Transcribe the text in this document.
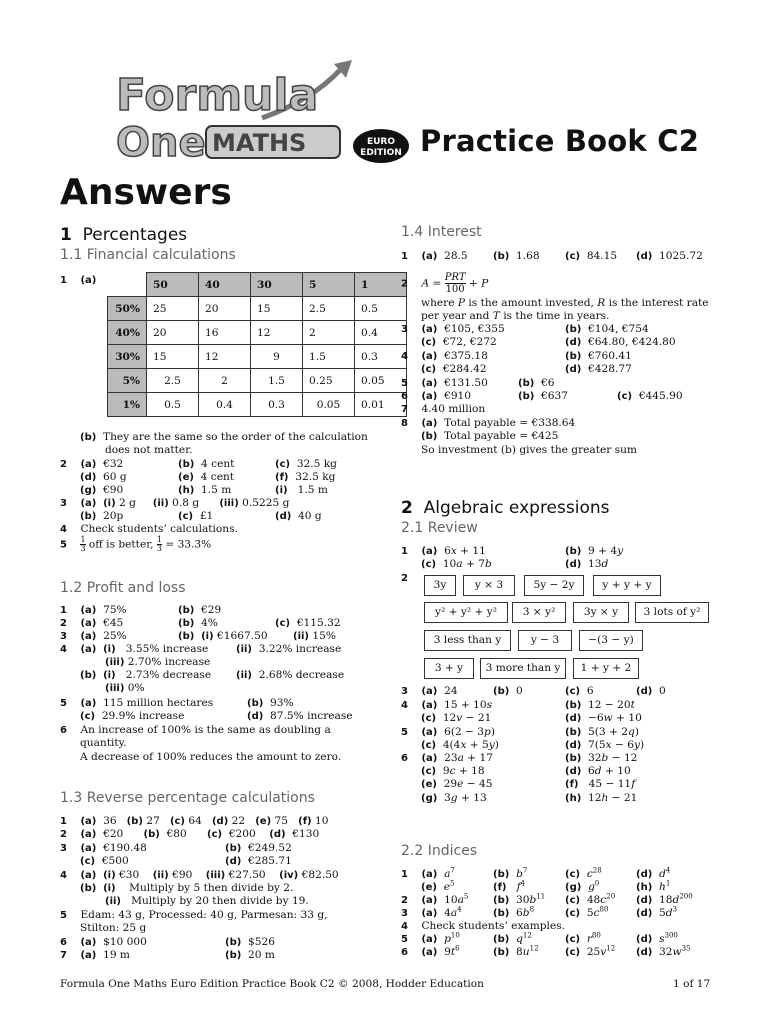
Formula
One MATHS	EURO
EDITION Practice Book C2
Answers
1 Percentages
1.1 Financial calculations
1 (a)
		50	40	30	5	1
50%	25	20	15	2.5	0.5
40%	20	16	12	2	0.4
30%	15	12	9	1.5	0.3
5%	2.5	2	1.5	0.25	0.05
1%	0.5	0.4	0.3	0.05	0.01
(b)  They are the same so the order of the calculation
does not matter.
2 (a)  €32	(b)  4 cent	(c)  32.5 kg
(d)  60 g	(e)  4 cent	(f)  32.5 kg
(g)  €90	(h)  1.5 m	(i)   1.5 m
3 (a) (i) 2 g     (ii) 0.8 g      (iii) 0.5225 g
(b)  20p	(c)  £1	(d)  40 g
4    Check students’ calculations.
$5 \frac{1}{3}$ off is better, $\frac{1}{3}$ = 33.3̇%
1.2 Profit and loss
1 (a)  75%	(b)  €29
2 (a)  €45	(b)  4%	(c)  €115.32
3 (a)  25%	(b) (i) €1667.50	(ii) 15%
4 (a) (i)   3.55% increase	(ii)  3.22% increase
(iii) 2.70% increase
(b) (i)   2.73% decrease (ii)  2.68% decrease
(iii) 0%
5 (a)  115 million hectares	(b)  93%
(c)  29.9% increase	(d)  87.5% increase
6    An increase of 100% is the same as doubling a
quantity.
A decrease of 100% reduces the amount to zero.
1.3 Reverse percentage calculations
1 (a)  36   (b) 27   (c) 64   (d) 22   (e) 75   (f) 10
2 (a)  €20      (b)  €80      (c)  €200    (d)  €130
3 (a)  €190.48	(b)  €249.52
(c)  €500	(d)  €285.71
4 (a) (i) €30    (ii) €90    (iii) €27.50    (iv) €82.50
(b) (i)    Multiply by 5 then divide by 2.
(ii)   Multiply by 20 then divide by 19.
5    Edam: 43 g, Processed: 40 g, Parmesan: 33 g,
Stilton: 25 g
6 (a)  $10 000	(b)  $526
7 (a)  19 m	(b)  20 m
1.4 Interest
1 (a)  28.5	(b)  1.68	(c)  84.15 (d)  1025.72
2 $A = \frac{\text{PRT}}{100} + P$
where P is the amount invested, R is the interest rate
per year and T is the time in years.
3 (a)  €105, €355	(b)  €104, €754
(c)  €72, €272	(d)  €64.80, €424.80
4 (a)  €375.18	(b)  €760.41
(c)  €284.42	(d)  €428.77
5 (a)  €131.50	(b)  €6
6 (a)  €910	(b)  €637	(c)  €445.90
7    4.40 million
8 (a)  Total payable = €338.64
(b)  Total payable = €425
So investment (b) gives the greater sum
2 Algebraic expressions
2.1 Review
1 (a)  6x + 11	(b)  9 + 4y
(c)  10a + 7b	(d)  13d
2
3y	y × 3	5y − 2y	y + y + y
y² + y² + y²	3 × y²	3y × y	3 lots of y²
3 less than y	y − 3	−(3 − y)
3 + y	3 more than y	1 + y + 2
3 (a)  24	(b)  0	(c)  6	(d)  0
4 (a)  15 + 10s	(b)  12 − 20t
(c)  12v − 21	(d)  −6w + 10
5 (a)  6(2 − 3p)	(b)  5(3 + 2q)
(c)  4(4x + 5y)	(d)  7(5x − 6y)
6 (a)  23a + 17	(b)  32b − 12
(c)  9c + 18	(d)  6d + 10
(e)  29e − 45	(f)   45 − 11f
(g)  3g + 13	(h)  12h − 21
2.2 Indices
1 (a) $a^7$	(b) $b^7$	(c) $c^{28}$	(d) $d^4$
(e) $e^5$	(f) $f^4$	(g) $g^0$	(h) $h^1$
2 (a)  $10a^5$ (b)  $30b^{11}$ (c)  $48c^{20}$ (d)  $18d^{200}$
3 (a)  $4a^4$	(b)  $6b^8$	(c)  $5c^{80}$	(d)  $5d^3$
4    Check students’ examples.
5 (a) $p^{10}$	(b) $q^{12}$	(c) $r^{80}$	(d) $s^{300}$
6 (a)  $9t^6$	(b)  $8u^{12}$	(c)  $25v^{12}$ (d)  $32w^{35}$
Formula One Maths Euro Edition Practice Book C2 © 2008, Hodder Education	1 of 17
